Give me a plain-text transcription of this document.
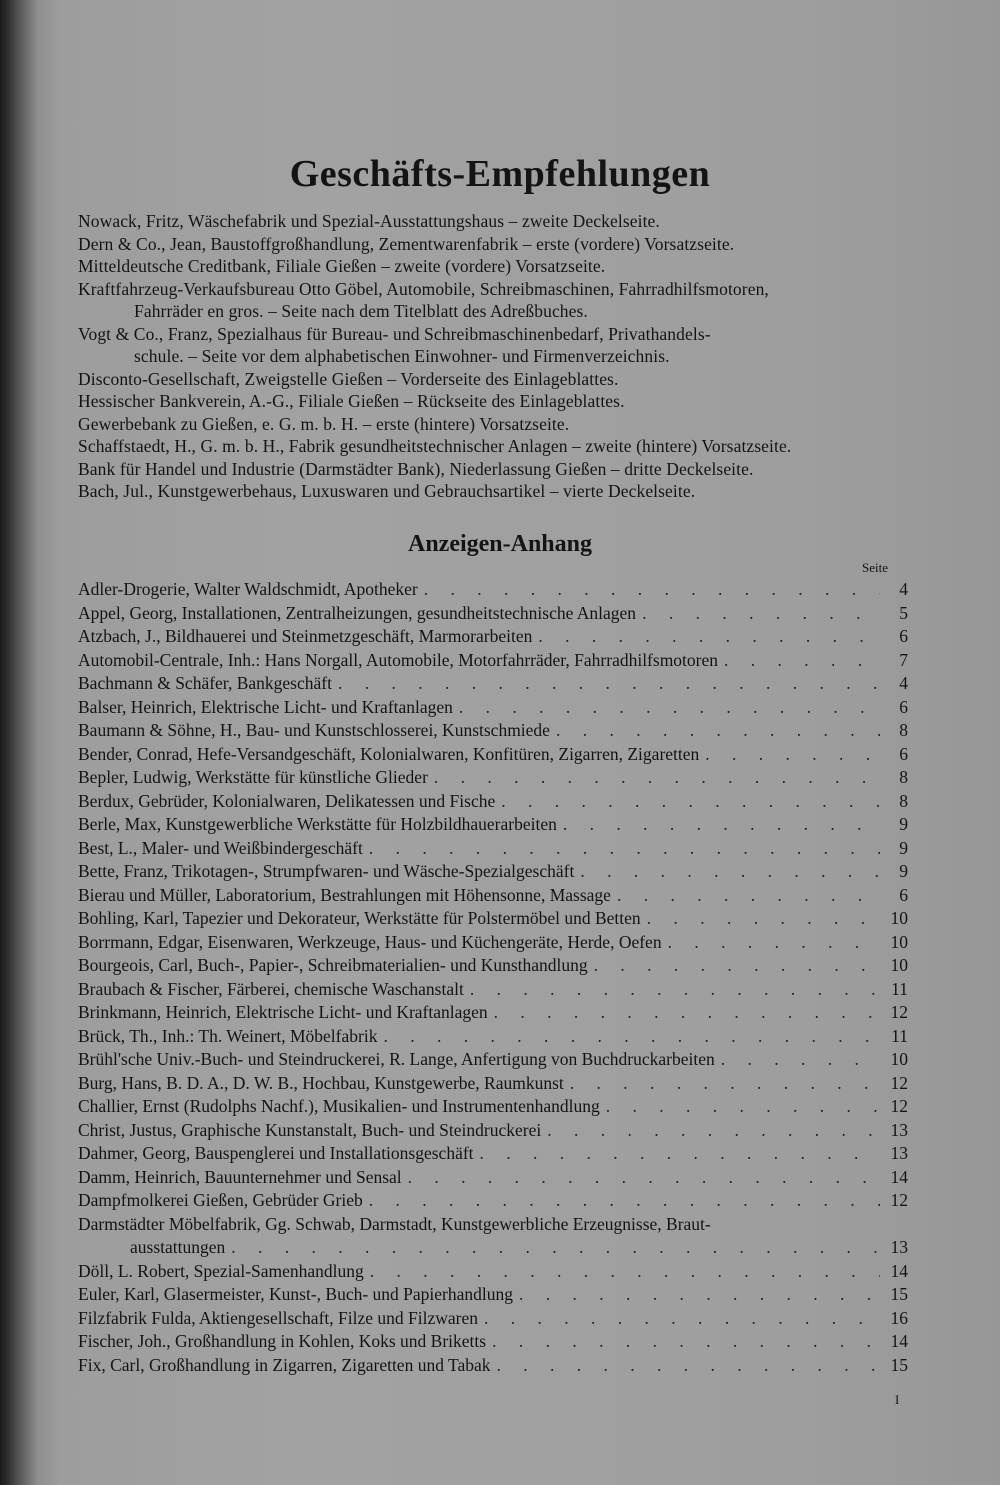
Geschäfts-Empfehlungen
Nowack, Fritz, Wäschefabrik und Spezial-Ausstattungshaus – zweite Deckelseite.
Dern & Co., Jean, Baustoffgroßhandlung, Zementwarenfabrik – erste (vordere) Vorsatzseite.
Mitteldeutsche Creditbank, Filiale Gießen – zweite (vordere) Vorsatzseite.
Kraftfahrzeug-Verkaufsbureau Otto Göbel, Automobile, Schreibmaschinen, Fahrradhilfsmotoren,
Fahrräder en gros. – Seite nach dem Titelblatt des Adreßbuches.
Vogt & Co., Franz, Spezialhaus für Bureau- und Schreibmaschinenbedarf, Privathandels-
schule. – Seite vor dem alphabetischen Einwohner- und Firmenverzeichnis.
Disconto-Gesellschaft, Zweigstelle Gießen – Vorderseite des Einlageblattes.
Hessischer Bankverein, A.-G., Filiale Gießen – Rückseite des Einlageblattes.
Gewerbebank zu Gießen, e. G. m. b. H. – erste (hintere) Vorsatzseite.
Schaffstaedt, H., G. m. b. H., Fabrik gesundheitstechnischer Anlagen – zweite (hintere) Vorsatzseite.
Bank für Handel und Industrie (Darmstädter Bank), Niederlassung Gießen – dritte Deckelseite.
Bach, Jul., Kunstgewerbehaus, Luxuswaren und Gebrauchsartikel – vierte Deckelseite.
Anzeigen-Anhang
Seite
Adler-Drogerie, Walter Waldschmidt, Apotheker . . .	4
Appel, Georg, Installationen, Zentralheizungen, gesundheitstechnische Anlagen . . .	5
Atzbach, J., Bildhauerei und Steinmetzgeschäft, Marmorarbeiten . . .	6
Automobil-Centrale, Inh.: Hans Norgall, Automobile, Motorfahrräder, Fahrradhilfsmotoren . . .	7
Bachmann & Schäfer, Bankgeschäft . . .	4
Balser, Heinrich, Elektrische Licht- und Kraftanlagen . . .	6
Baumann & Söhne, H., Bau- und Kunstschlosserei, Kunstschmiede . . .	8
Bender, Conrad, Hefe-Versandgeschäft, Kolonialwaren, Konfitüren, Zigarren, Zigaretten . . .	6
Bepler, Ludwig, Werkstätte für künstliche Glieder . . .	8
Berdux, Gebrüder, Kolonialwaren, Delikatessen und Fische . . .	8
Berle, Max, Kunstgewerbliche Werkstätte für Holzbildhauerarbeiten . . .	9
Best, L., Maler- und Weißbindergeschäft . . .	9
Bette, Franz, Trikotagen-, Strumpfwaren- und Wäsche-Spezialgeschäft . . .	9
Bierau und Müller, Laboratorium, Bestrahlungen mit Höhensonne, Massage . . .	6
Bohling, Karl, Tapezier und Dekorateur, Werkstätte für Polstermöbel und Betten . . .	10
Borrmann, Edgar, Eisenwaren, Werkzeuge, Haus- und Küchengeräte, Herde, Oefen . . .	10
Bourgeois, Carl, Buch-, Papier-, Schreibmaterialien- und Kunsthandlung . . .	10
Braubach & Fischer, Färberei, chemische Waschanstalt . . .	11
Brinkmann, Heinrich, Elektrische Licht- und Kraftanlagen . . .	12
Brück, Th., Inh.: Th. Weinert, Möbelfabrik . . .	11
Brühl'sche Univ.-Buch- und Steindruckerei, R. Lange, Anfertigung von Buchdruckarbeiten . . .	10
Burg, Hans, B. D. A., D. W. B., Hochbau, Kunstgewerbe, Raumkunst . . .	12
Challier, Ernst (Rudolphs Nachf.), Musikalien- und Instrumentenhandlung . . .	12
Christ, Justus, Graphische Kunstanstalt, Buch- und Steindruckerei . . .	13
Dahmer, Georg, Bauspenglerei und Installationsgeschäft . . .	13
Damm, Heinrich, Bauunternehmer und Sensal . . .	14
Dampfmolkerei Gießen, Gebrüder Grieb . . .	12
Darmstädter Möbelfabrik, Gg. Schwab, Darmstadt, Kunstgewerbliche Erzeugnisse, Braut-
ausstattungen . . .	13
Döll, L. Robert, Spezial-Samenhandlung . . .	14
Euler, Karl, Glasermeister, Kunst-, Buch- und Papierhandlung . . .	15
Filzfabrik Fulda, Aktiengesellschaft, Filze und Filzwaren . . .	16
Fischer, Joh., Großhandlung in Kohlen, Koks und Briketts . . .	14
Fix, Carl, Großhandlung in Zigarren, Zigaretten und Tabak . . .	15
I
